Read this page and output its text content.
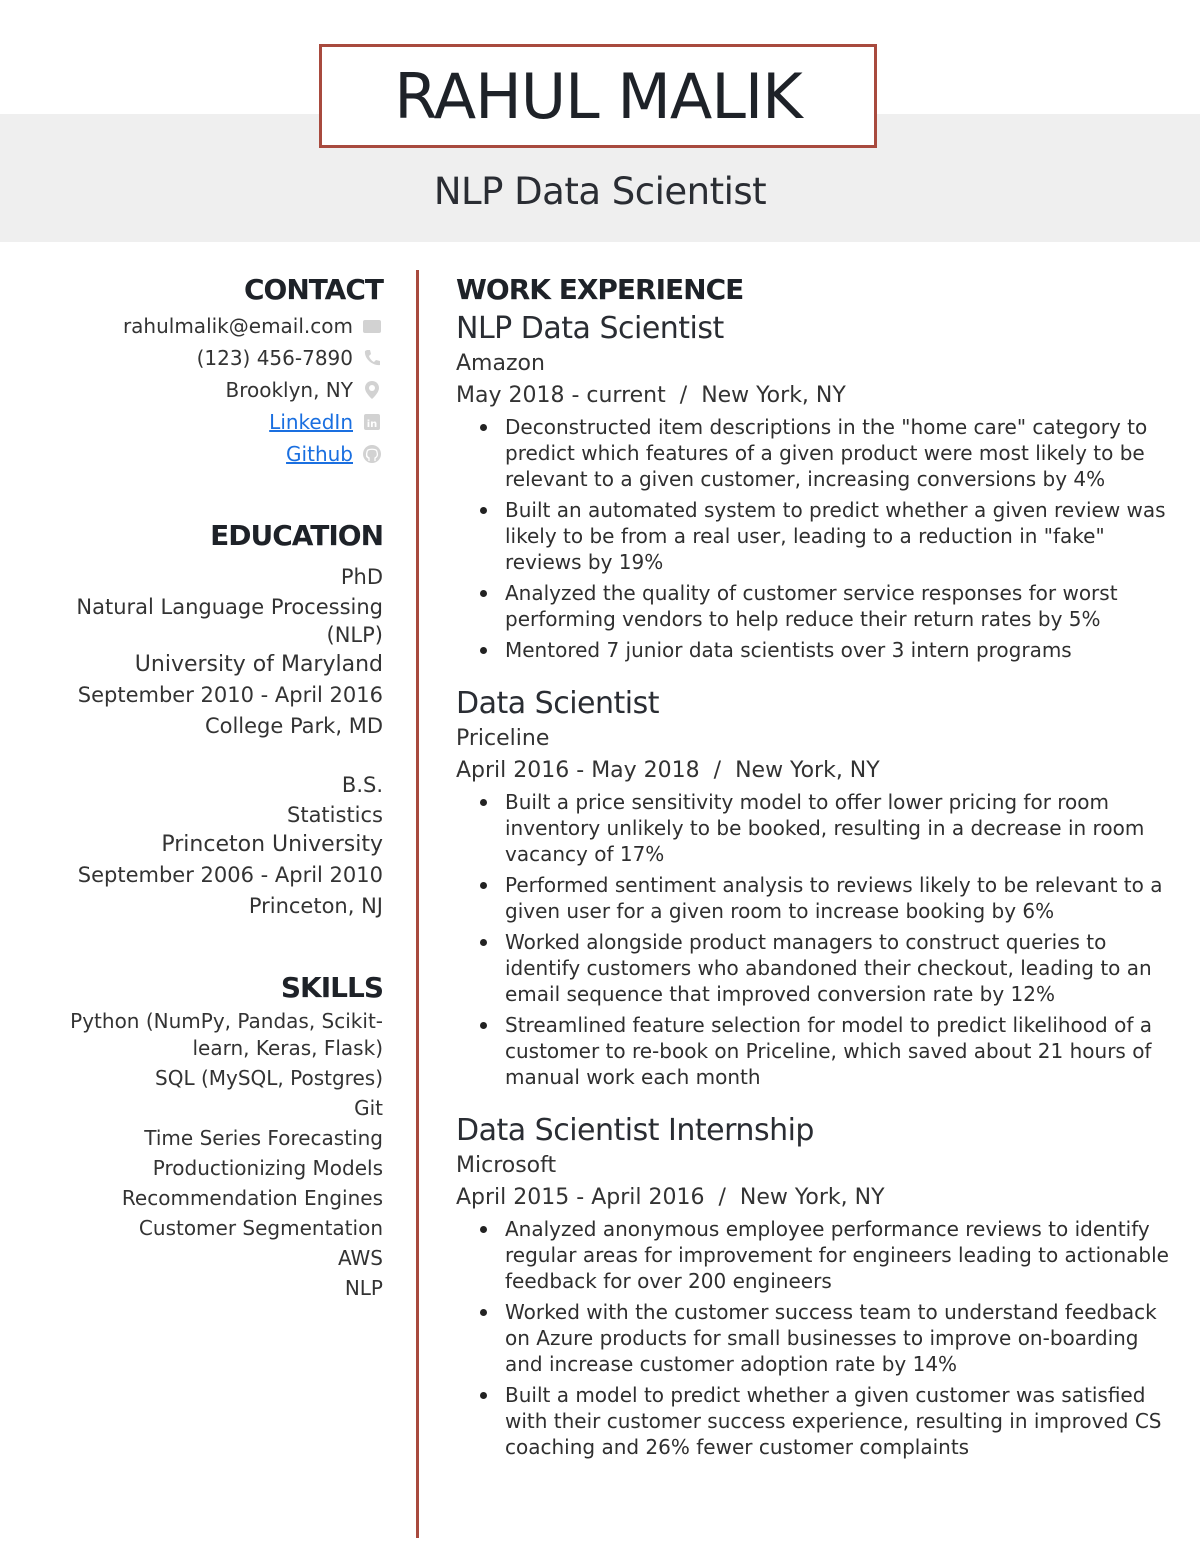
RAHUL MALIK
NLP Data Scientist
CONTACT
rahulmalik@email.com
(123) 456-7890
Brooklyn, NY
LinkedIn in
Github
EDUCATION
PhD
Natural Language Processing (NLP)
University of Maryland
September 2010 - April 2016
College Park, MD
B.S.
Statistics
Princeton University
September 2006 - April 2010
Princeton, NJ
SKILLS
Python (NumPy, Pandas, Scikit-learn, Keras, Flask)
SQL (MySQL, Postgres)
Git
Time Series Forecasting
Productionizing Models
Recommendation Engines
Customer Segmentation
AWS
NLP
WORK EXPERIENCE
NLP Data Scientist
Amazon
May 2018 - current / New York, NY
Deconstructed item descriptions in the "home care" category to predict which features of a given product were most likely to be relevant to a given customer, increasing conversions by 4%
Built an automated system to predict whether a given review was likely to be from a real user, leading to a reduction in "fake" reviews by 19%
Analyzed the quality of customer service responses for worst performing vendors to help reduce their return rates by 5%
Mentored 7 junior data scientists over 3 intern programs
Data Scientist
Priceline
April 2016 - May 2018 / New York, NY
Built a price sensitivity model to offer lower pricing for room inventory unlikely to be booked, resulting in a decrease in room vacancy of 17%
Performed sentiment analysis to reviews likely to be relevant to a given user for a given room to increase booking by 6%
Worked alongside product managers to construct queries to identify customers who abandoned their checkout, leading to an email sequence that improved conversion rate by 12%
Streamlined feature selection for model to predict likelihood of a customer to re-book on Priceline, which saved about 21 hours of manual work each month
Data Scientist Internship
Microsoft
April 2015 - April 2016 / New York, NY
Analyzed anonymous employee performance reviews to identify regular areas for improvement for engineers leading to actionable feedback for over 200 engineers
Worked with the customer success team to understand feedback on Azure products for small businesses to improve on-boarding and increase customer adoption rate by 14%
Built a model to predict whether a given customer was satisfied with their customer success experience, resulting in improved CS coaching and 26% fewer customer complaints
